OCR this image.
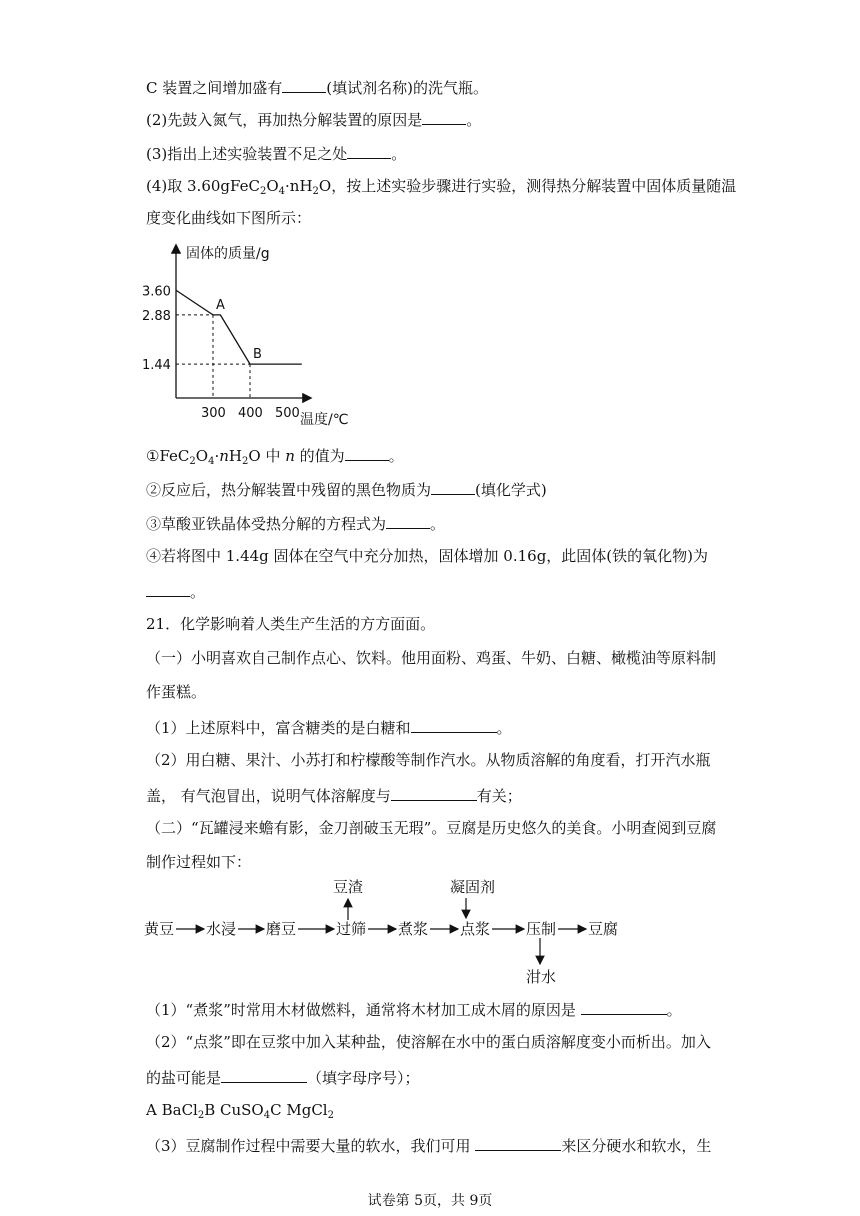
C 装置之间增加盛有	(填试剂名称)的洗气瓶。
(2)先鼓入氮气，再加热分解装置的原因是	。
(3)指出上述实验装置不足之处	。
(4)取 $3.60gFeC_2O_4\cdot nH_2O$，按上述实验步骤进行实验，测得热分解装置中固体质量随温
度变化曲线如下图所示：
固体的质量/g
温度/℃
3.60
2.88
1.44
300 400 500
A
B
$①FeC_2O_4\cdot nH_2O$ 中 n 的值为	。
②反应后，热分解装置中残留的黑色物质为	(填化学式)
③草酸亚铁晶体受热分解的方程式为	。
④若将图中 1.44g 固体在空气中充分加热，固体增加 0.16g，此固体(铁的氧化物)为
。
21．化学影响着人类生产生活的方方面面。
（一）小明喜欢自己制作点心、饮料。他用面粉、鸡蛋、牛奶、白糖、橄榄油等原料制
作蛋糕。
（1）上述原料中，富含糖类的是白糖和	。
（2）用白糖、果汁、小苏打和柠檬酸等制作汽水。从物质溶解的角度看，打开汽水瓶
盖， 有气泡冒出，说明气体溶解度与	有关；
（二）“瓦罐浸来蟾有影，金刀剖破玉无瑕”。豆腐是历史悠久的美食。小明查阅到豆腐
制作过程如下：
黄豆 水浸 磨豆	过筛 煮浆 点浆 压制 豆腐
豆渣	凝固剂
泔水
（1）“煮浆”时常用木材做燃料，通常将木材加工成木屑的原因是	。
（2）“点浆”即在豆浆中加入某种盐，使溶解在水中的蛋白质溶解度变小而析出。加入
的盐可能是	（填字母序号）；
A BaCl$_2$B CuSO$_4$C MgCl$_2$
（3）豆腐制作过程中需要大量的软水，我们可用	来区分硬水和软水，生
试卷第 5页，共 9页
